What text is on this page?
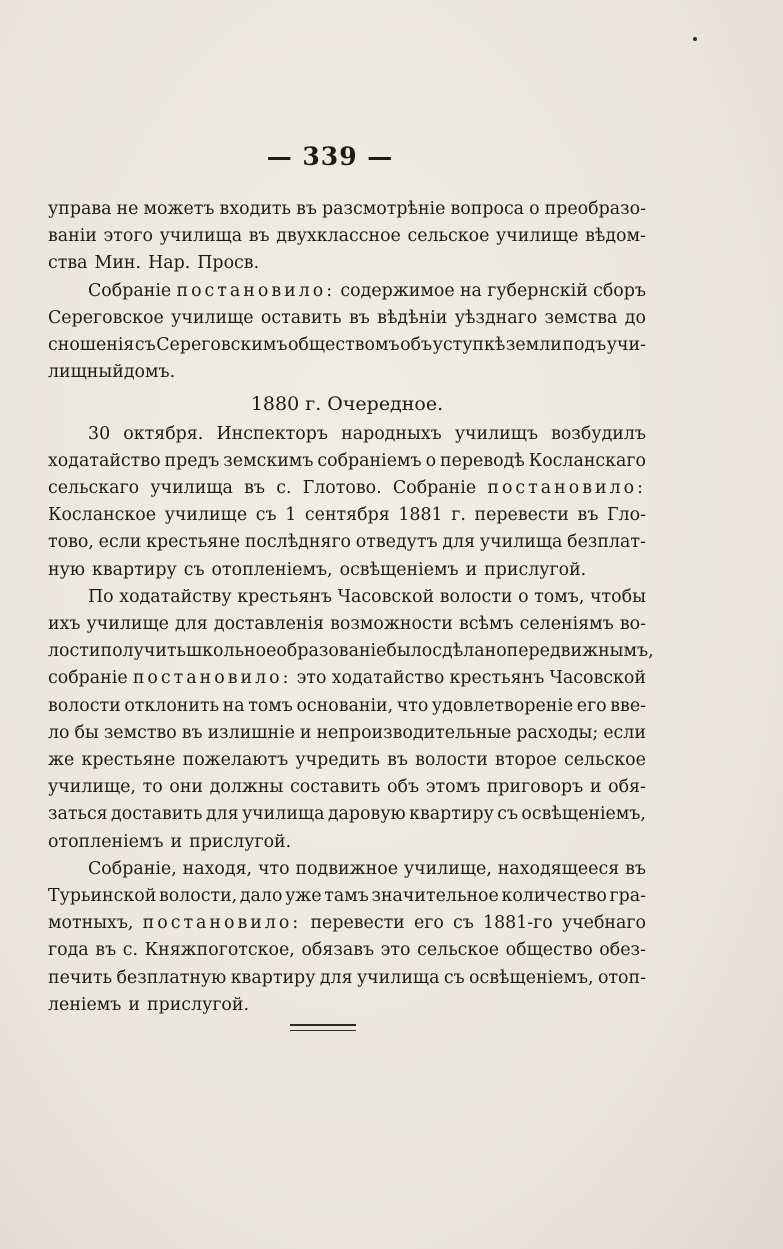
— 339 —
управа не можетъ входить въ разсмотрѣніе вопроса о преобразо-
ваніи этого училища въ двухклассное сельское училище вѣдом-
ства Мин. Нар. Просв.
Собраніе постановило: содержимое на губернскій сборъ
Сереговское училище оставить въ вѣдѣніи уѣзднаго земства до
сношенія съ Сереговскимъ обществомъ объ уступкѣ земли подъ учи-
лищныйдомъ.
1880 г. Очередное.
30 октября. Инспекторъ народныхъ училищъ возбудилъ
ходатайство предъ земскимъ собраніемъ о переводѣ Косланскаго
сельскаго училища въ с. Глотово. Собраніе постановило:
Косланское училище съ 1 сентября 1881 г. перевести въ Гло-
тово, если крестьяне послѣдняго отведутъ для училища безплат-
ную квартиру съ отопленіемъ, освѣщеніемъ и прислугой.
По ходатайству крестьянъ Часовской волости о томъ, чтобы
ихъ училище для доставленія возможности всѣмъ селеніямъ во-
лости получить школьное образованіе было сдѣлано передвижнымъ,
собраніе постановило: это ходатайство крестьянъ Часовской
волости отклонить на томъ основаніи, что удовлетвореніе его вве-
ло бы земство въ излишніе и непроизводительные расходы; если
же крестьяне пожелаютъ учредить въ волости второе сельское
училище, то они должны составить объ этомъ приговоръ и обя-
заться доставить для училища даровую квартиру съ освѣщеніемъ,
отопленіемъ и прислугой.
Собраніе, находя, что подвижное училище, находящееся въ
Турьинской волости, дало уже тамъ значительное количество гра-
мотныхъ, постановило: перевести его съ 1881-го учебнаго
года въ с. Княжпоготское, обязавъ это сельское общество обез-
печить безплатную квартиру для училища съ освѣщеніемъ, отоп-
леніемъ и прислугой.
